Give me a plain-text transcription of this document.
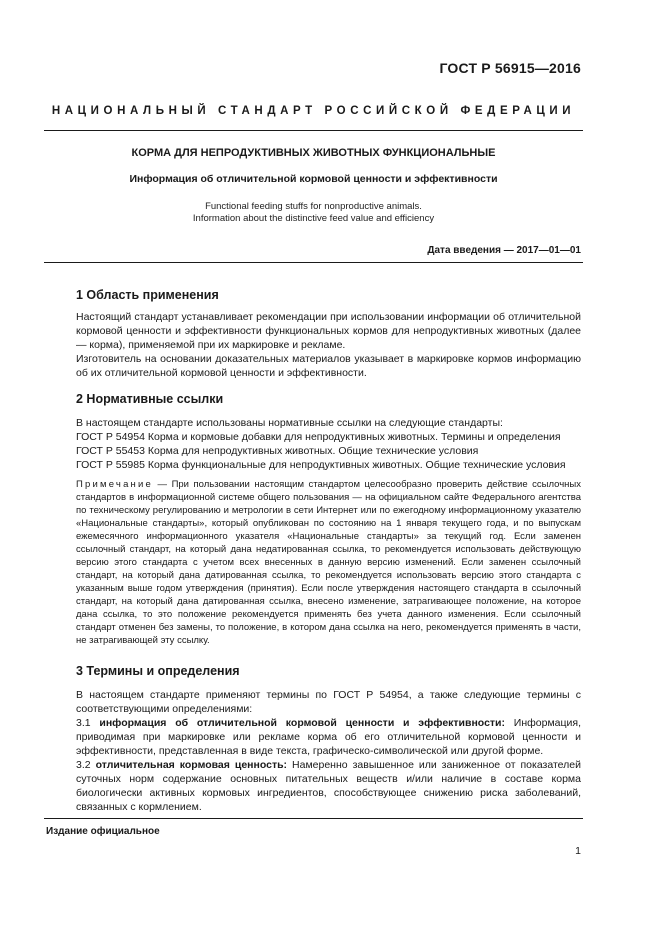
ГОСТ Р 56915—2016
НАЦИОНАЛЬНЫЙ СТАНДАРТ РОССИЙСКОЙ ФЕДЕРАЦИИ
КОРМА ДЛЯ НЕПРОДУКТИВНЫХ ЖИВОТНЫХ ФУНКЦИОНАЛЬНЫЕ
Информация об отличительной кормовой ценности и эффективности
Functional feeding stuffs for nonproductive animals.
Information about the distinctive feed value and efficiency
Дата введения — 2017—01—01
1 Область применения

Настоящий стандарт устанавливает рекомендации при использовании информации об отличительной кормовой ценности и эффективности функциональных кормов для непродуктивных животных (далее — корма), применяемой при их маркировке и рекламе.

Изготовитель на основании доказательных материалов указывает в маркировке кормов информацию об их отличительной кормовой ценности и эффективности.

2 Нормативные ссылки

В настоящем стандарте использованы нормативные ссылки на следующие стандарты:

ГОСТ Р 54954 Корма и кормовые добавки для непродуктивных животных. Термины и определения

ГОСТ Р 55453 Корма для непродуктивных животных. Общие технические условия

ГОСТ Р 55985 Корма функциональные для непродуктивных животных. Общие технические условия

Примечание — При пользовании настоящим стандартом целесообразно проверить действие ссылочных стандартов в информационной системе общего пользования — на официальном сайте Федерального агентства по техническому регулированию и метрологии в сети Интернет или по ежегодному информационному указателю «Национальные стандарты», который опубликован по состоянию на 1 января текущего года, и по выпускам ежемесячного информационного указателя «Национальные стандарты» за текущий год. Если заменен ссылочный стандарт, на который дана недатированная ссылка, то рекомендуется использовать действующую версию этого стандарта с учетом всех внесенных в данную версию изменений. Если заменен ссылочный стандарт, на который дана датированная ссылка, то рекомендуется использовать версию этого стандарта с указанным выше годом утверждения (принятия). Если после утверждения настоящего стандарта в ссылочный стандарт, на который дана датированная ссылка, внесено изменение, затрагивающее положение, на которое дана ссылка, то это положение рекомендуется применять без учета данного изменения. Если ссылочный стандарт отменен без замены, то положение, в котором дана ссылка на него, рекомендуется применять в части, не затрагивающей эту ссылку.

3 Термины и определения

В настоящем стандарте применяют термины по ГОСТ Р 54954, а также следующие термины с соответствующими определениями:

3.1 информация об отличительной кормовой ценности и эффективности: Информация, приводимая при маркировке или рекламе корма об его отличительной кормовой ценности и эффективности, представленная в виде текста, графическо-символической или другой форме.

3.2 отличительная кормовая ценность: Намеренно завышенное или заниженное от показателей суточных норм содержание основных питательных веществ и/или наличие в составе корма биологически активных кормовых ингредиентов, способствующее снижению риска заболеваний, связанных с кормлением.

Издание официальное
1
